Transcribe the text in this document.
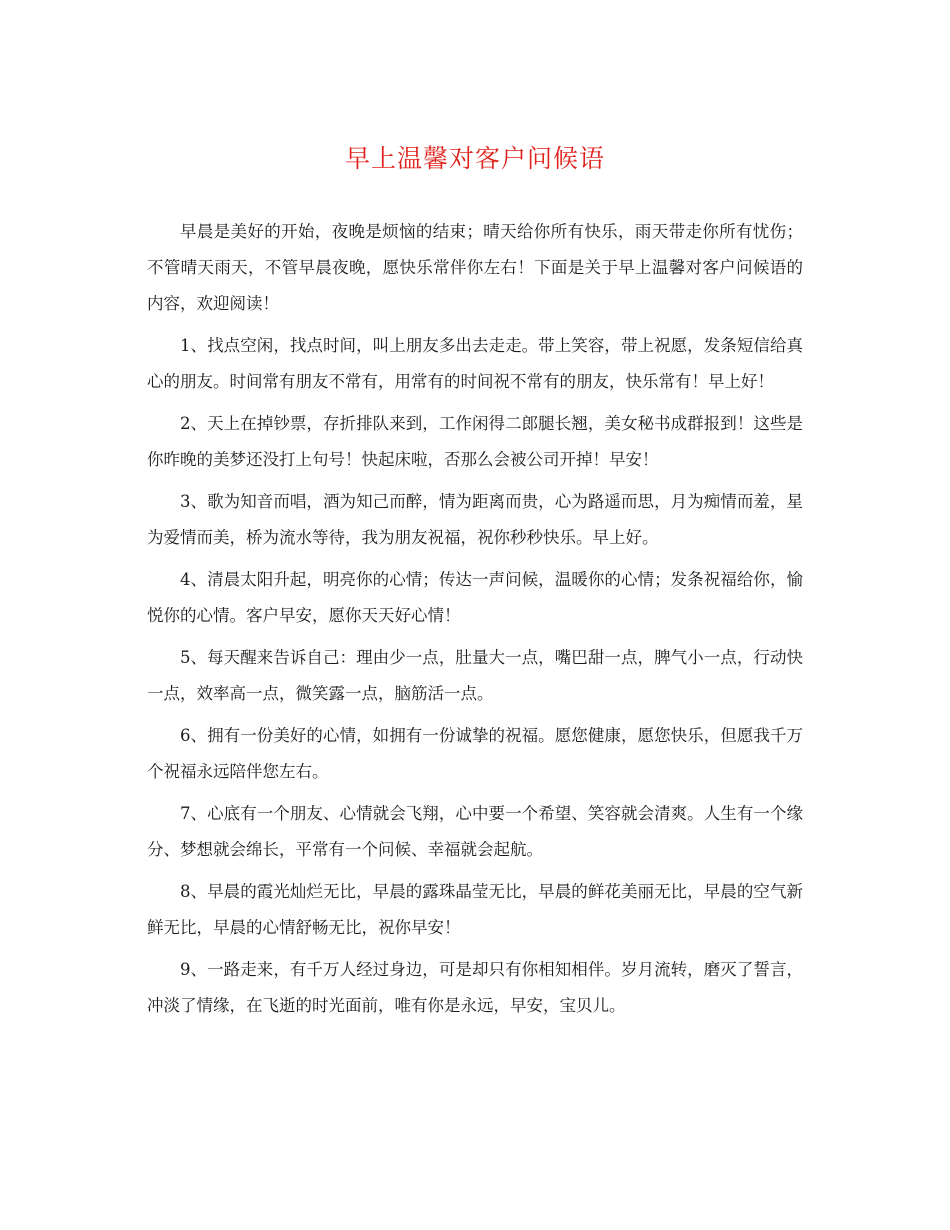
早上温馨对客户问候语

早晨是美好的开始，夜晚是烦恼的结束；晴天给你所有快乐，雨天带走你所有忧伤；不管晴天雨天，不管早晨夜晚，愿快乐常伴你左右！下面是关于早上温馨对客户问候语的内容，欢迎阅读！

1、找点空闲，找点时间，叫上朋友多出去走走。带上笑容，带上祝愿，发条短信给真心的朋友。时间常有朋友不常有，用常有的时间祝不常有的朋友，快乐常有！早上好！

2、天上在掉钞票，存折排队来到，工作闲得二郎腿长翘，美女秘书成群报到！这些是你昨晚的美梦还没打上句号！快起床啦，否那么会被公司开掉！早安！

3、歌为知音而唱，酒为知己而醉，情为距离而贵，心为路遥而思，月为痴情而羞，星为爱情而美，桥为流水等待，我为朋友祝福，祝你秒秒快乐。早上好。

4、清晨太阳升起，明亮你的心情；传达一声问候，温暖你的心情；发条祝福给你，愉悦你的心情。客户早安，愿你天天好心情！

5、每天醒来告诉自己：理由少一点，肚量大一点，嘴巴甜一点，脾气小一点，行动快一点，效率高一点，微笑露一点，脑筋活一点。

6、拥有一份美好的心情，如拥有一份诚挚的祝福。愿您健康，愿您快乐，但愿我千万个祝福永远陪伴您左右。

7、心底有一个朋友、心情就会飞翔，心中要一个希望、笑容就会清爽。人生有一个缘分、梦想就会绵长，平常有一个问候、幸福就会起航。

8、早晨的霞光灿烂无比，早晨的露珠晶莹无比，早晨的鲜花美丽无比，早晨的空气新鲜无比，早晨的心情舒畅无比，祝你早安！

9、一路走来，有千万人经过身边，可是却只有你相知相伴。岁月流转，磨灭了誓言，冲淡了情缘，在飞逝的时光面前，唯有你是永远，早安，宝贝儿。
